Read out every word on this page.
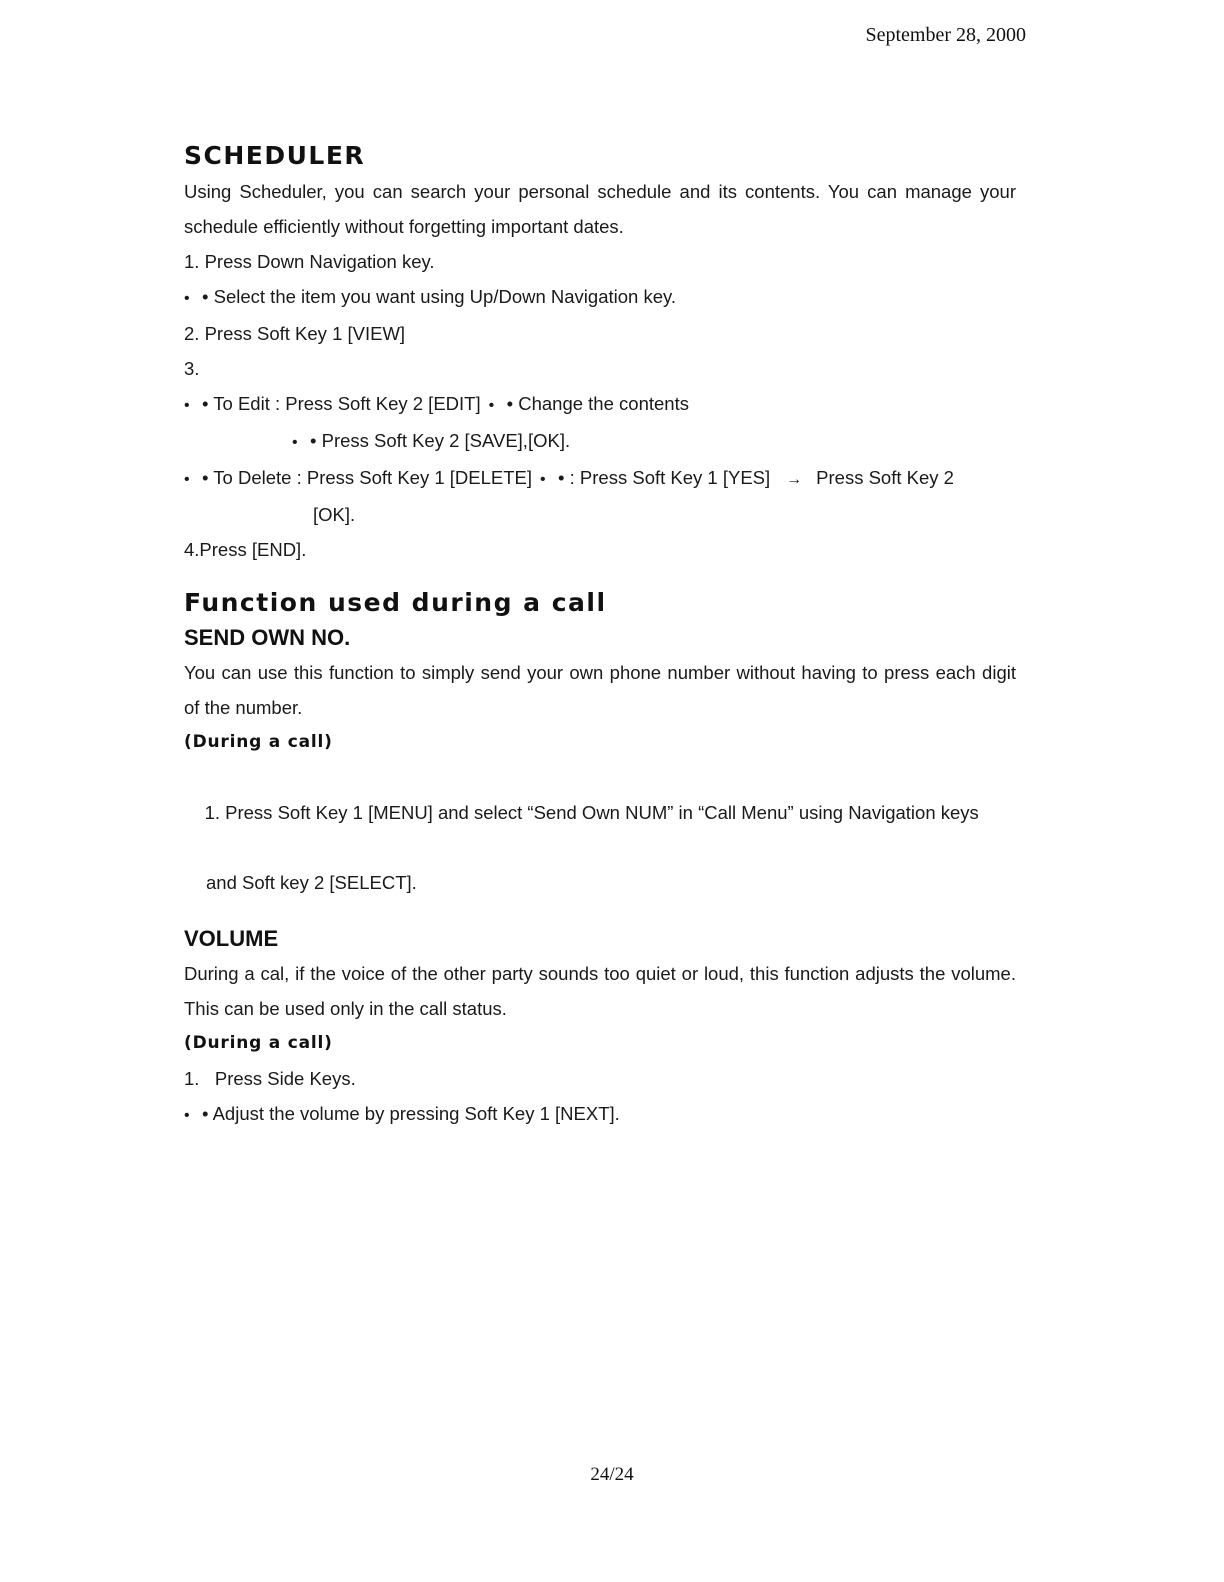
September 28, 2000
SCHEDULER

Using Scheduler, you can search your personal schedule and its contents. You can manage your schedule efficiently without forgetting important dates.

1. Press Down Navigation key.
• • Select the item you want using Up/Down Navigation key.
2. Press Soft Key 1 [VIEW]
3.
• • To Edit : Press Soft Key 2 [EDIT] • • Change the contents
• • Press Soft Key 2 [SAVE],[OK].
• • To Delete : Press Soft Key 1 [DELETE] • • : Press Soft Key 1 [YES] → Press Soft Key 2
[OK].
4.Press [END].
Function used during a call
SEND OWN NO.

You can use this function to simply send your own phone number without having to press each digit of the number.

(During a call)

1. Press Soft Key 1 [MENU] and select “Send Own NUM” in “Call Menu” using Navigation keys

and Soft key 2 [SELECT].
VOLUME

During a cal, if the voice of the other party sounds too quiet or loud, this function adjusts the volume. This can be used only in the call status.

(During a call)
1.   Press Side Keys.
• • Adjust the volume by pressing Soft Key 1 [NEXT].
24/24
